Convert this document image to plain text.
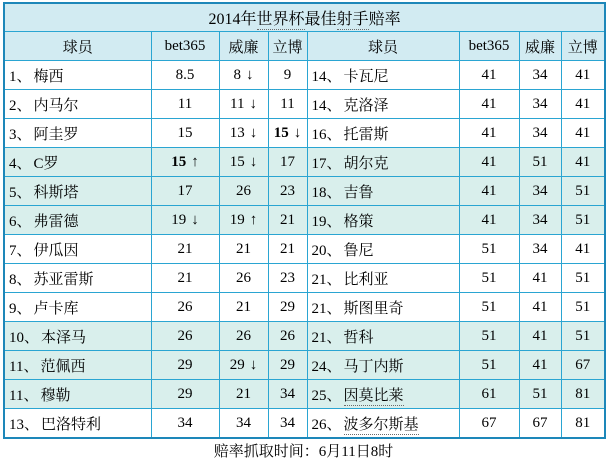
2014年世界杯最佳射手赔率							
球员	bet365	威廉	立博	球员	bet365	威廉	立博
1、 梅西	8.5	8 ↓	9	14、 卡瓦尼	41	34	41
2、 内马尔	11	11 ↓	11	14、 克洛泽	41	34	41
3、 阿圭罗	15	13 ↓	15 ↓	16、 托雷斯	41	34	41
4、 C罗	15 ↑	15 ↓	17	17、 胡尔克	41	51	41
5、 科斯塔	17	26	23	18、 吉鲁	41	34	51
6、 弗雷德	19 ↓	19 ↑	21	19、 格策	41	34	51
7、 伊瓜因	21	21	21	20、 鲁尼	51	34	41
8、 苏亚雷斯	21	26	23	21、 比利亚	51	41	51
9、 卢卡库	26	21	29	21、 斯图里奇	51	41	51
10、 本泽马	26	26	26	21、 哲科	51	41	51
11、 范佩西	29	29 ↓	29	24、 马丁内斯	51	41	67
11、 穆勒	29	21	34	25、 因莫比莱	61	51	81
13、 巴洛特利	34	34	34	26、 波多尔斯基	67	67	81
赔率抓取时间：6月11日8时
